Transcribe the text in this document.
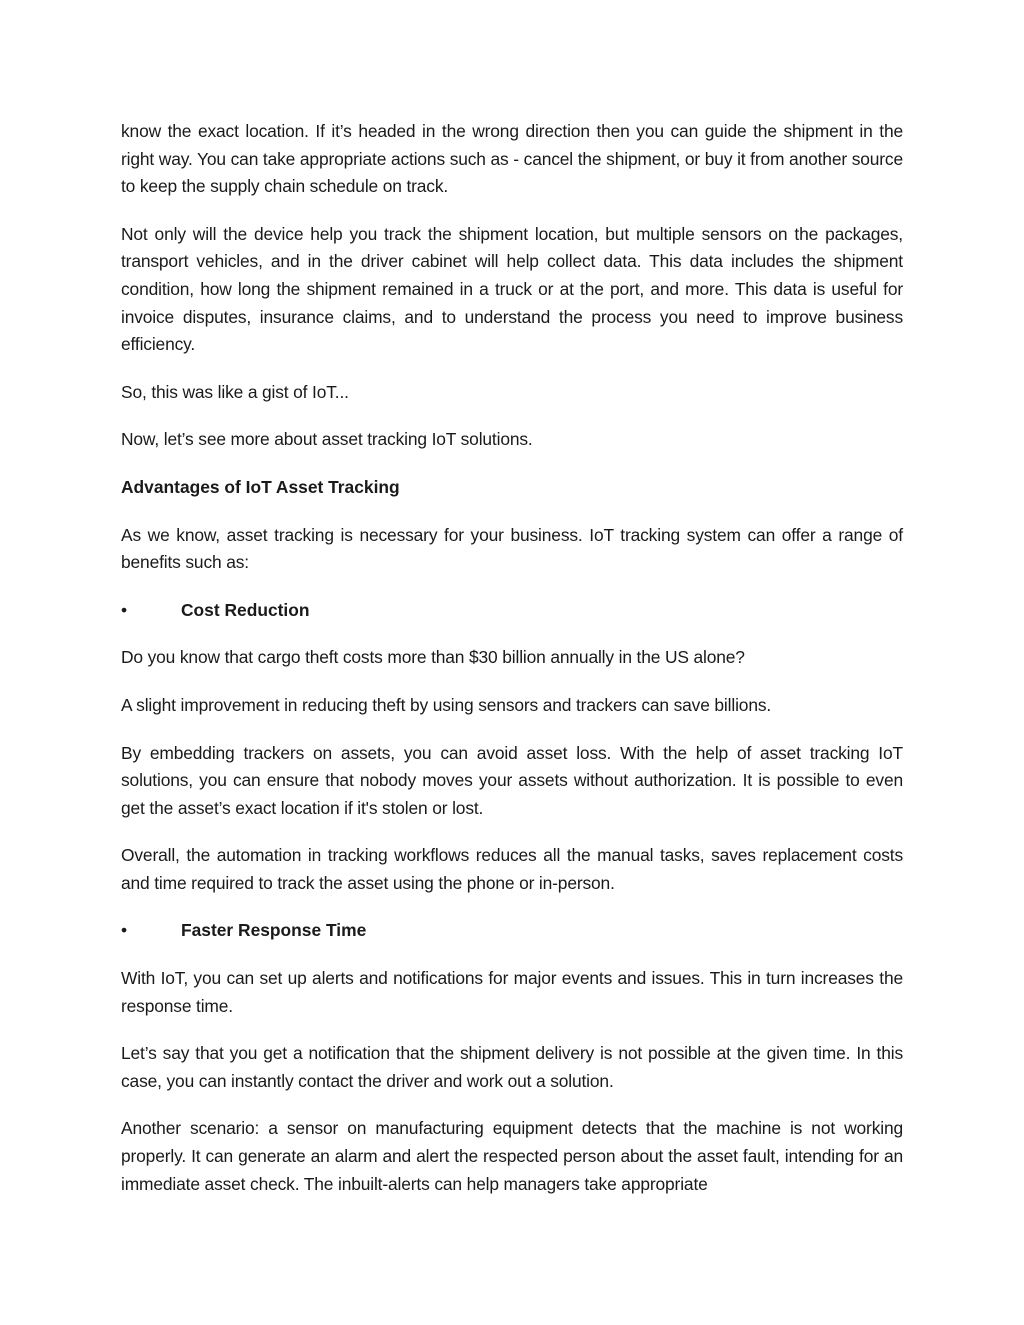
know the exact location. If it’s headed in the wrong direction then you can guide the shipment in the right way. You can take appropriate actions such as - cancel the shipment, or buy it from another source to keep the supply chain schedule on track.

Not only will the device help you track the shipment location, but multiple sensors on the packages, transport vehicles, and in the driver cabinet will help collect data. This data includes the shipment condition, how long the shipment remained in a truck or at the port, and more. This data is useful for invoice disputes, insurance claims, and to understand the process you need to improve business efficiency.

So, this was like a gist of IoT...

Now, let’s see more about asset tracking IoT solutions.

Advantages of IoT Asset Tracking

As we know, asset tracking is necessary for your business. IoT tracking system can offer a range of benefits such as:

•	Cost Reduction

Do you know that cargo theft costs more than $30 billion annually in the US alone?

A slight improvement in reducing theft by using sensors and trackers can save billions.

By embedding trackers on assets, you can avoid asset loss. With the help of asset tracking IoT solutions, you can ensure that nobody moves your assets without authorization. It is possible to even get the asset’s exact location if it's stolen or lost.

Overall, the automation in tracking workflows reduces all the manual tasks, saves replacement costs and time required to track the asset using the phone or in-person.

•	Faster Response Time

With IoT, you can set up alerts and notifications for major events and issues. This in turn increases the response time.

Let’s say that you get a notification that the shipment delivery is not possible at the given time. In this case, you can instantly contact the driver and work out a solution.

Another scenario: a sensor on manufacturing equipment detects that the machine is not working properly. It can generate an alarm and alert the respected person about the asset fault, intending for an immediate asset check. The inbuilt-alerts can help managers take appropriate
